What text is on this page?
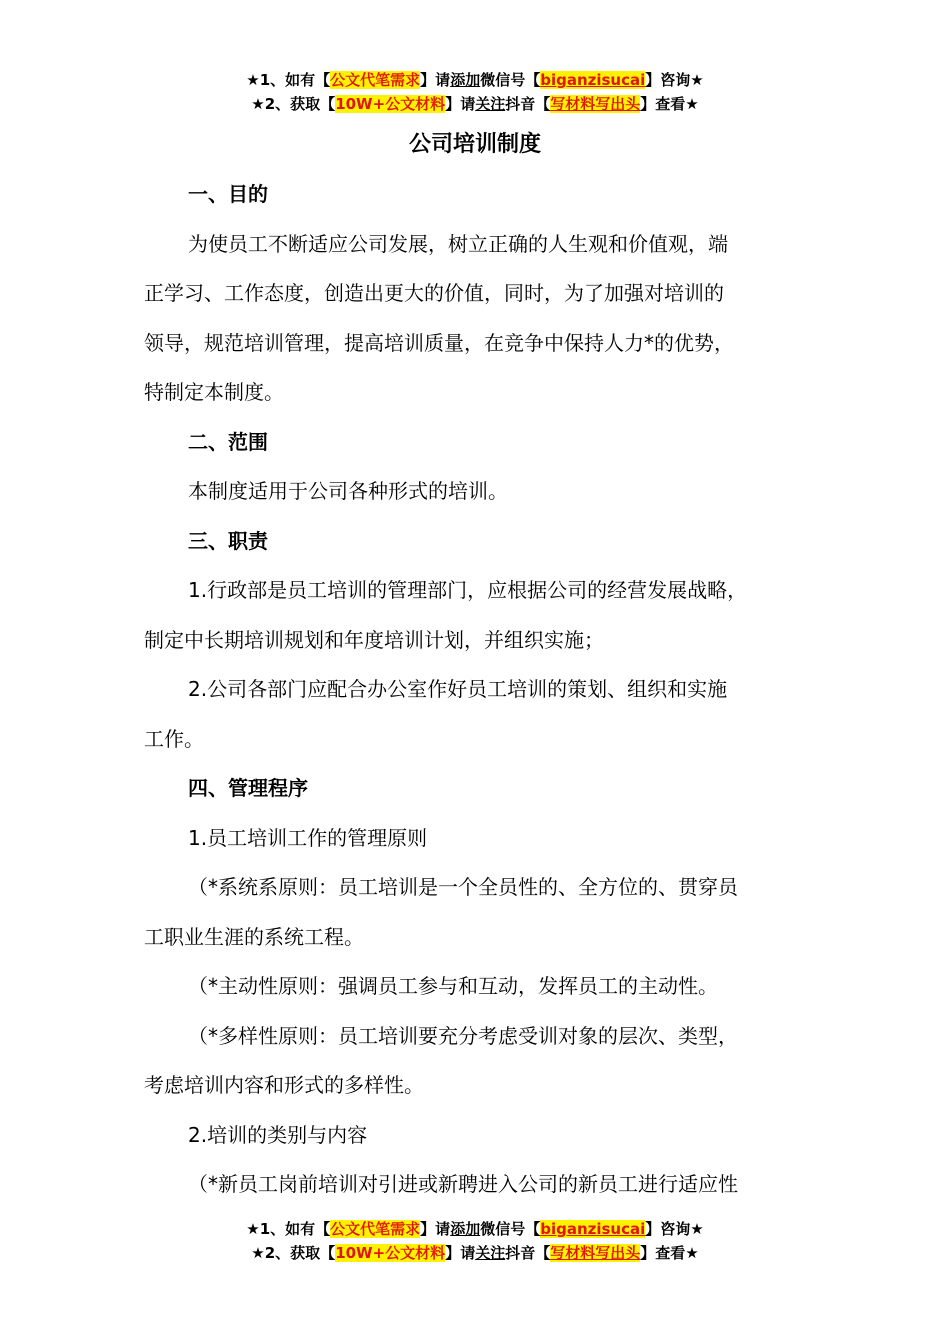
★1、如有【公文代笔需求】请添加微信号【biganzisucai】咨询★
★2、获取【10W+公文材料】请关注抖音【写材料写出头】查看★
公司培训制度

一、目的

为使员工不断适应公司发展，树立正确的人生观和价值观，端

正学习、工作态度，创造出更大的价值，同时，为了加强对培训的

领导，规范培训管理，提高培训质量，在竞争中保持人力*的优势，

特制定本制度。

二、范围

本制度适用于公司各种形式的培训。

三、职责

1.行政部是员工培训的管理部门，应根据公司的经营发展战略，

制定中长期培训规划和年度培训计划，并组织实施；

2.公司各部门应配合办公室作好员工培训的策划、组织和实施

工作。

四、管理程序

1.员工培训工作的管理原则

（*系统系原则：员工培训是一个全员性的、全方位的、贯穿员

工职业生涯的系统工程。

（*主动性原则：强调员工参与和互动，发挥员工的主动性。

（*多样性原则：员工培训要充分考虑受训对象的层次、类型，

考虑培训内容和形式的多样性。

2.培训的类别与内容

（*新员工岗前培训对引进或新聘进入公司的新员工进行适应性

★1、如有【公文代笔需求】请添加微信号【biganzisucai】咨询★
★2、获取【10W+公文材料】请关注抖音【写材料写出头】查看★
